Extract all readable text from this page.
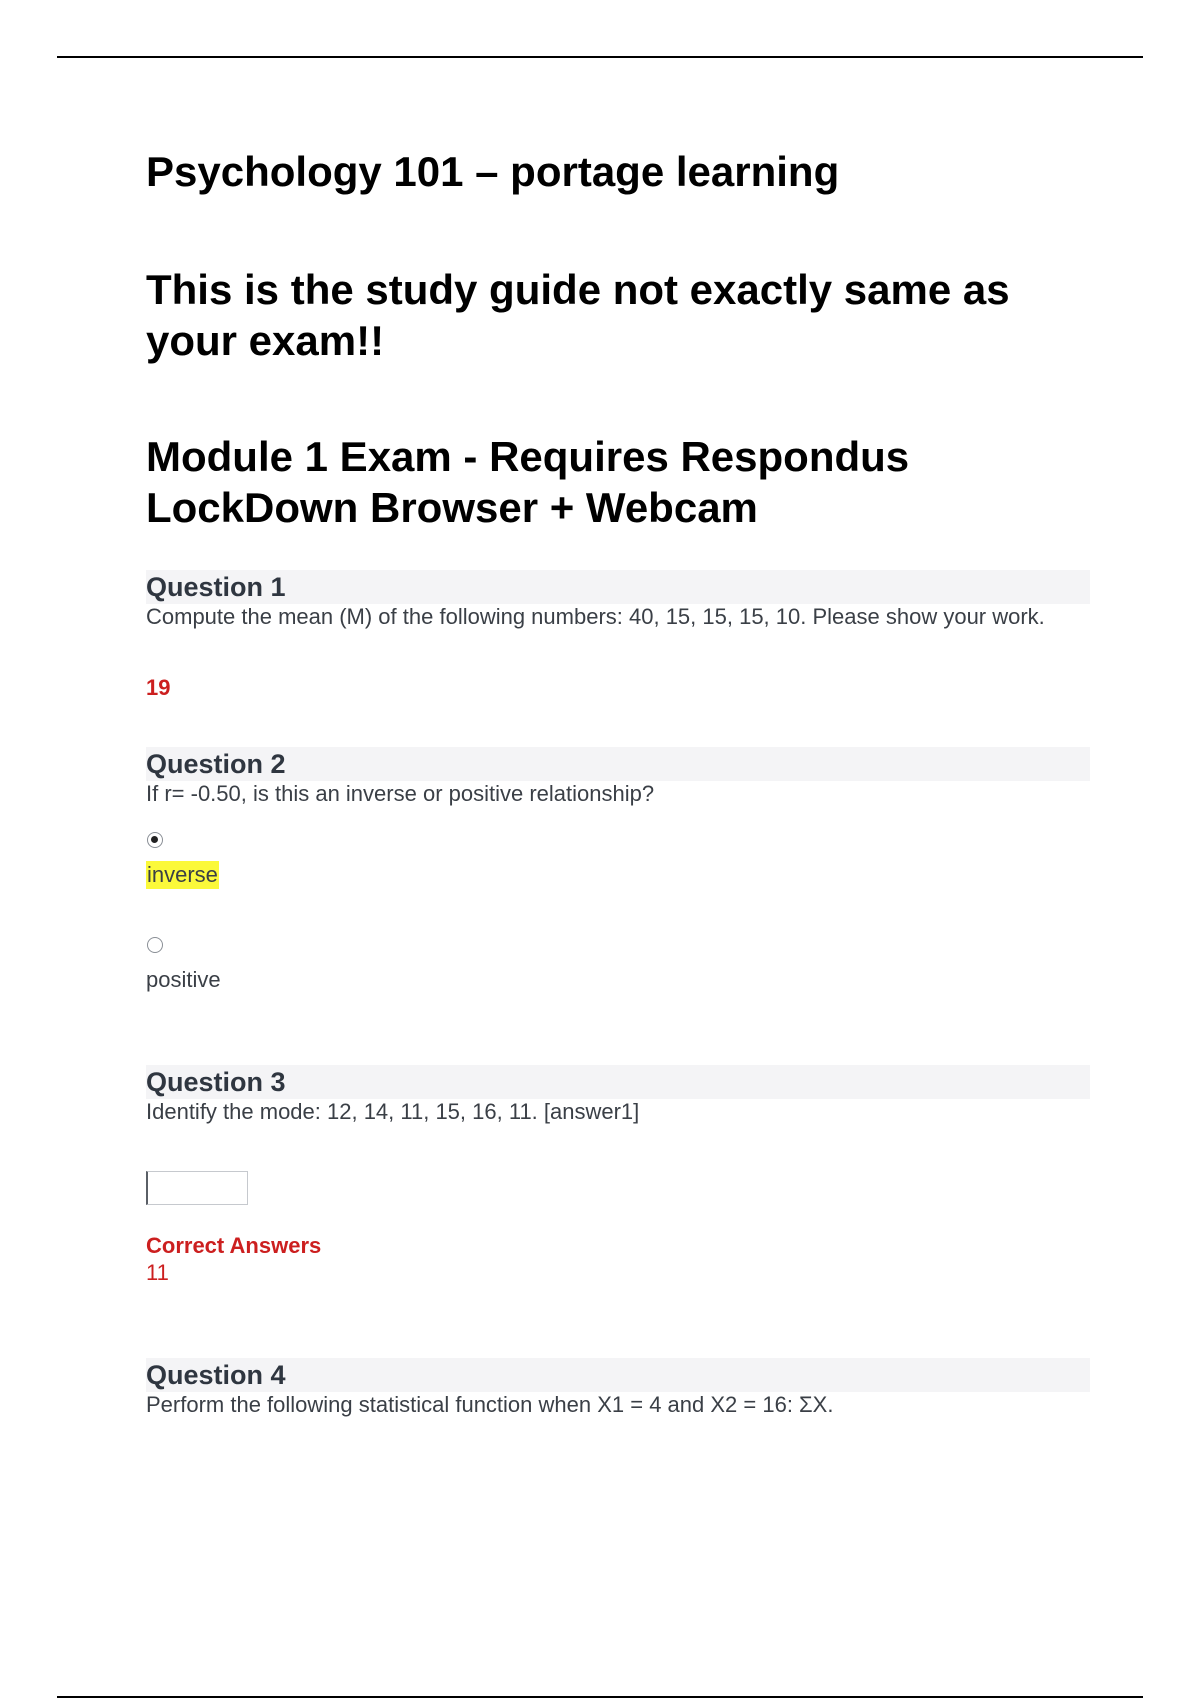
Psychology 101 – portage learning
This is the study guide not exactly same as your exam!!
Module 1 Exam - Requires Respondus LockDown Browser + Webcam
Question 1
Compute the mean (M) of the following numbers: 40, 15, 15, 15, 10. Please show your work.
19
Question 2
If r= -0.50, is this an inverse or positive relationship?
inverse
positive
Question 3
Identify the mode: 12, 14, 11, 15, 16, 11. [answer1]
Correct Answers
11
Question 4
Perform the following statistical function when X1 = 4 and X2 = 16: ΣX.
